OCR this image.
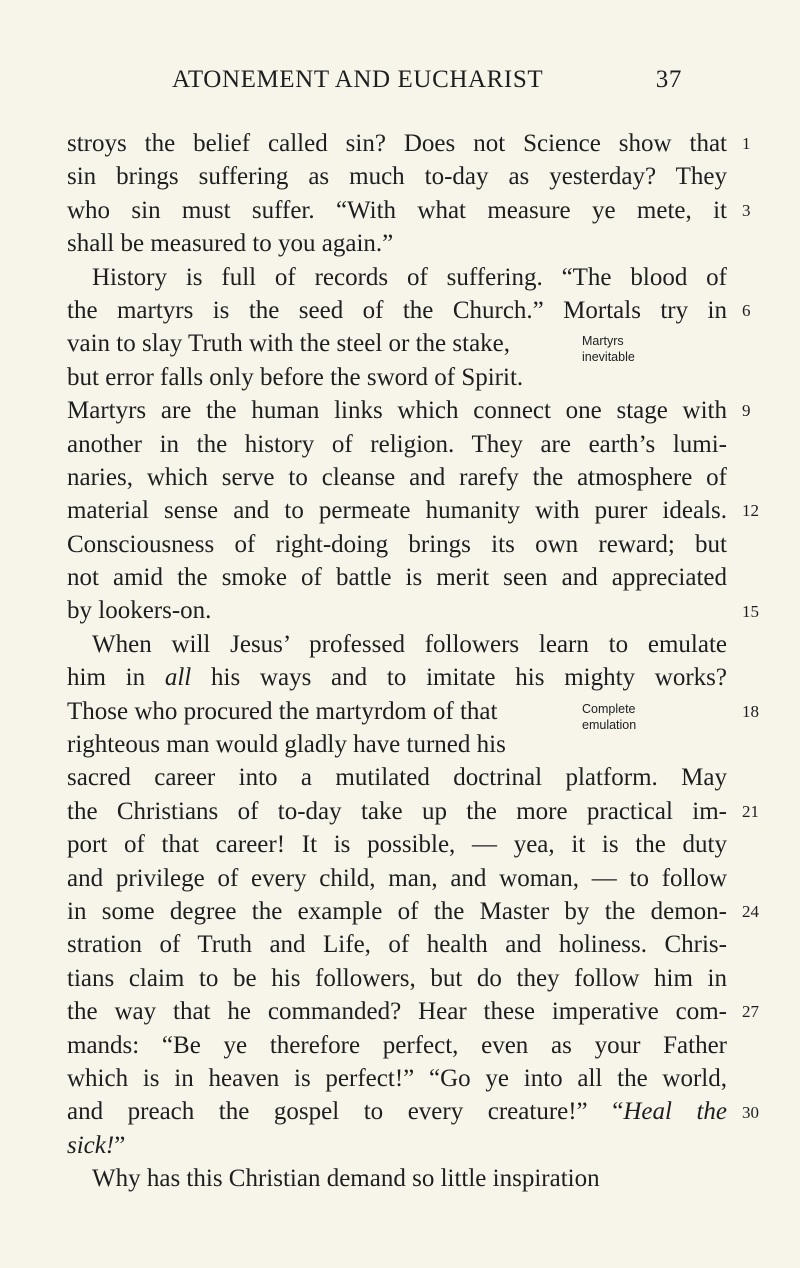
ATONEMENT AND EUCHARIST	37
stroys the belief called sin? Does not Science show that
sin brings suffering as much to-day as yesterday? They
who sin must suffer. “With what measure ye mete, it
shall be measured to you again.”
History is full of records of suffering. “The blood of
the martyrs is the seed of the Church.” Mortals try in
vain to slay Truth with the steel or the stake,
but error falls only before the sword of Spirit.
Martyrs are the human links which connect one stage with
another in the history of religion. They are earth’s lumi-
naries, which serve to cleanse and rarefy the atmosphere of
material sense and to permeate humanity with purer ideals.
Consciousness of right-doing brings its own reward; but
not amid the smoke of battle is merit seen and appreciated
by lookers-on.
When will Jesus’ professed followers learn to emulate
him in all his ways and to imitate his mighty works?
Those who procured the martyrdom of that
righteous man would gladly have turned his
sacred career into a mutilated doctrinal platform. May
the Christians of to-day take up the more practical im-
port of that career! It is possible, — yea, it is the duty
and privilege of every child, man, and woman, — to follow
in some degree the example of the Master by the demon-
stration of Truth and Life, of health and holiness. Chris-
tians claim to be his followers, but do they follow him in
the way that he commanded? Hear these imperative com-
mands: “Be ye therefore perfect, even as your Father
which is in heaven is perfect!” “Go ye into all the world,
and preach the gospel to every creature!” “Heal the
sick!”
Why has this Christian demand so little inspiration
1
3
6
9
12
15
18
21
24
27
30
Martyrs
inevitable
Complete
emulation
